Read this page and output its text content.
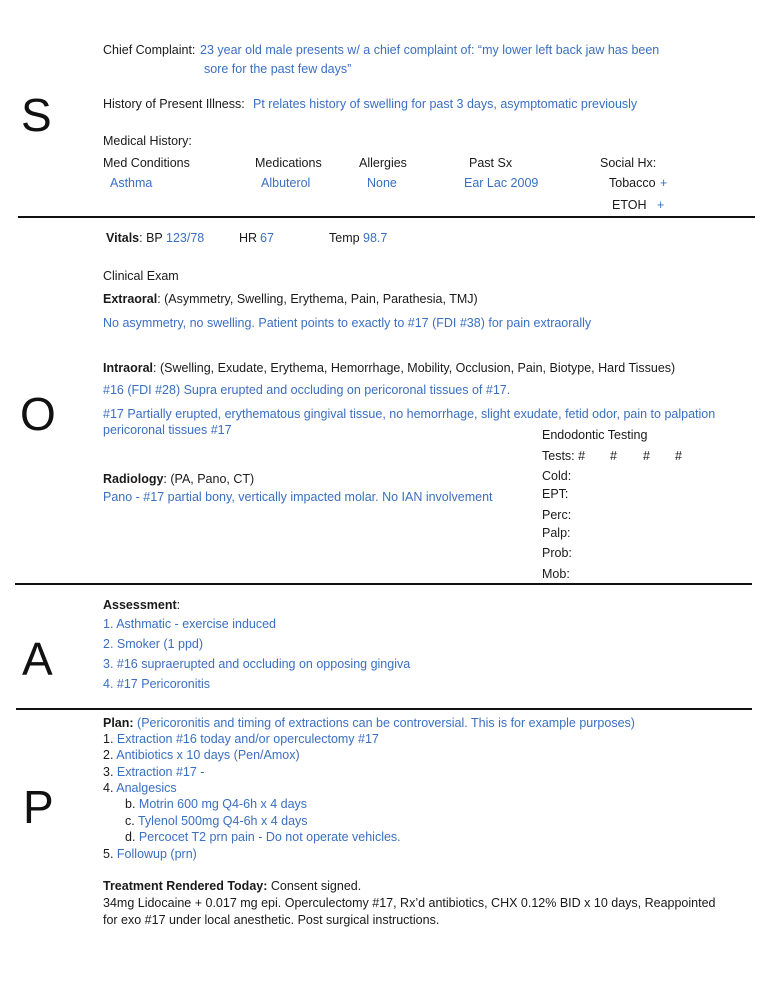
S
O
A
P
Chief Complaint: 23 year old male presents w/ a chief complaint of: “my lower left back jaw has been
sore for the past few days”
History of Present Illness: Pt relates history of swelling for past 3 days, asymptomatic previously
Medical History:
Med Conditions
Asthma
Medications
Albuterol
Allergies
None
Past Sx
Ear Lac 2009
Social Hx:
Tobacco +
ETOH +
Vitals: BP 123/78	HR 67	Temp 98.7
Clinical Exam
Extraoral: (Asymmetry, Swelling, Erythema, Pain, Parathesia, TMJ)
No asymmetry, no swelling. Patient points to exactly to #17 (FDI #38) for pain extraorally
Intraoral: (Swelling, Exudate, Erythema, Hemorrhage, Mobility, Occlusion, Pain, Biotype, Hard Tissues)
#16 (FDI #28) Supra erupted and occluding on pericoronal tissues of #17.
#17 Partially erupted, erythematous gingival tissue, no hemorrhage, slight exudate, fetid odor, pain to palpation
pericoronal tissues #17
Radiology: (PA, Pano, CT)
Pano - #17 partial bony, vertically impacted molar. No IAN involvement
Endodontic Testing
Tests: # # # #
Cold:
EPT:
Perc:
Palp:
Prob:
Mob:
Assessment:
1. Asthmatic - exercise induced
2. Smoker (1 ppd)
3. #16 supraerupted and occluding on opposing gingiva
4. #17 Pericoronitis
Plan: (Pericoronitis and timing of extractions can be controversial. This is for example purposes)
1. Extraction #16 today and/or operculectomy #17
2. Antibiotics x 10 days (Pen/Amox)
3. Extraction #17 -
4. Analgesics
b. Motrin 600 mg Q4-6h x 4 days
c. Tylenol 500mg Q4-6h x 4 days
d. Percocet T2 prn pain - Do not operate vehicles.
5. Followup (prn)
Treatment Rendered Today: Consent signed.
34mg Lidocaine + 0.017 mg epi. Operculectomy #17, Rx’d antibiotics, CHX 0.12% BID x 10 days, Reappointed
for exo #17 under local anesthetic. Post surgical instructions.
